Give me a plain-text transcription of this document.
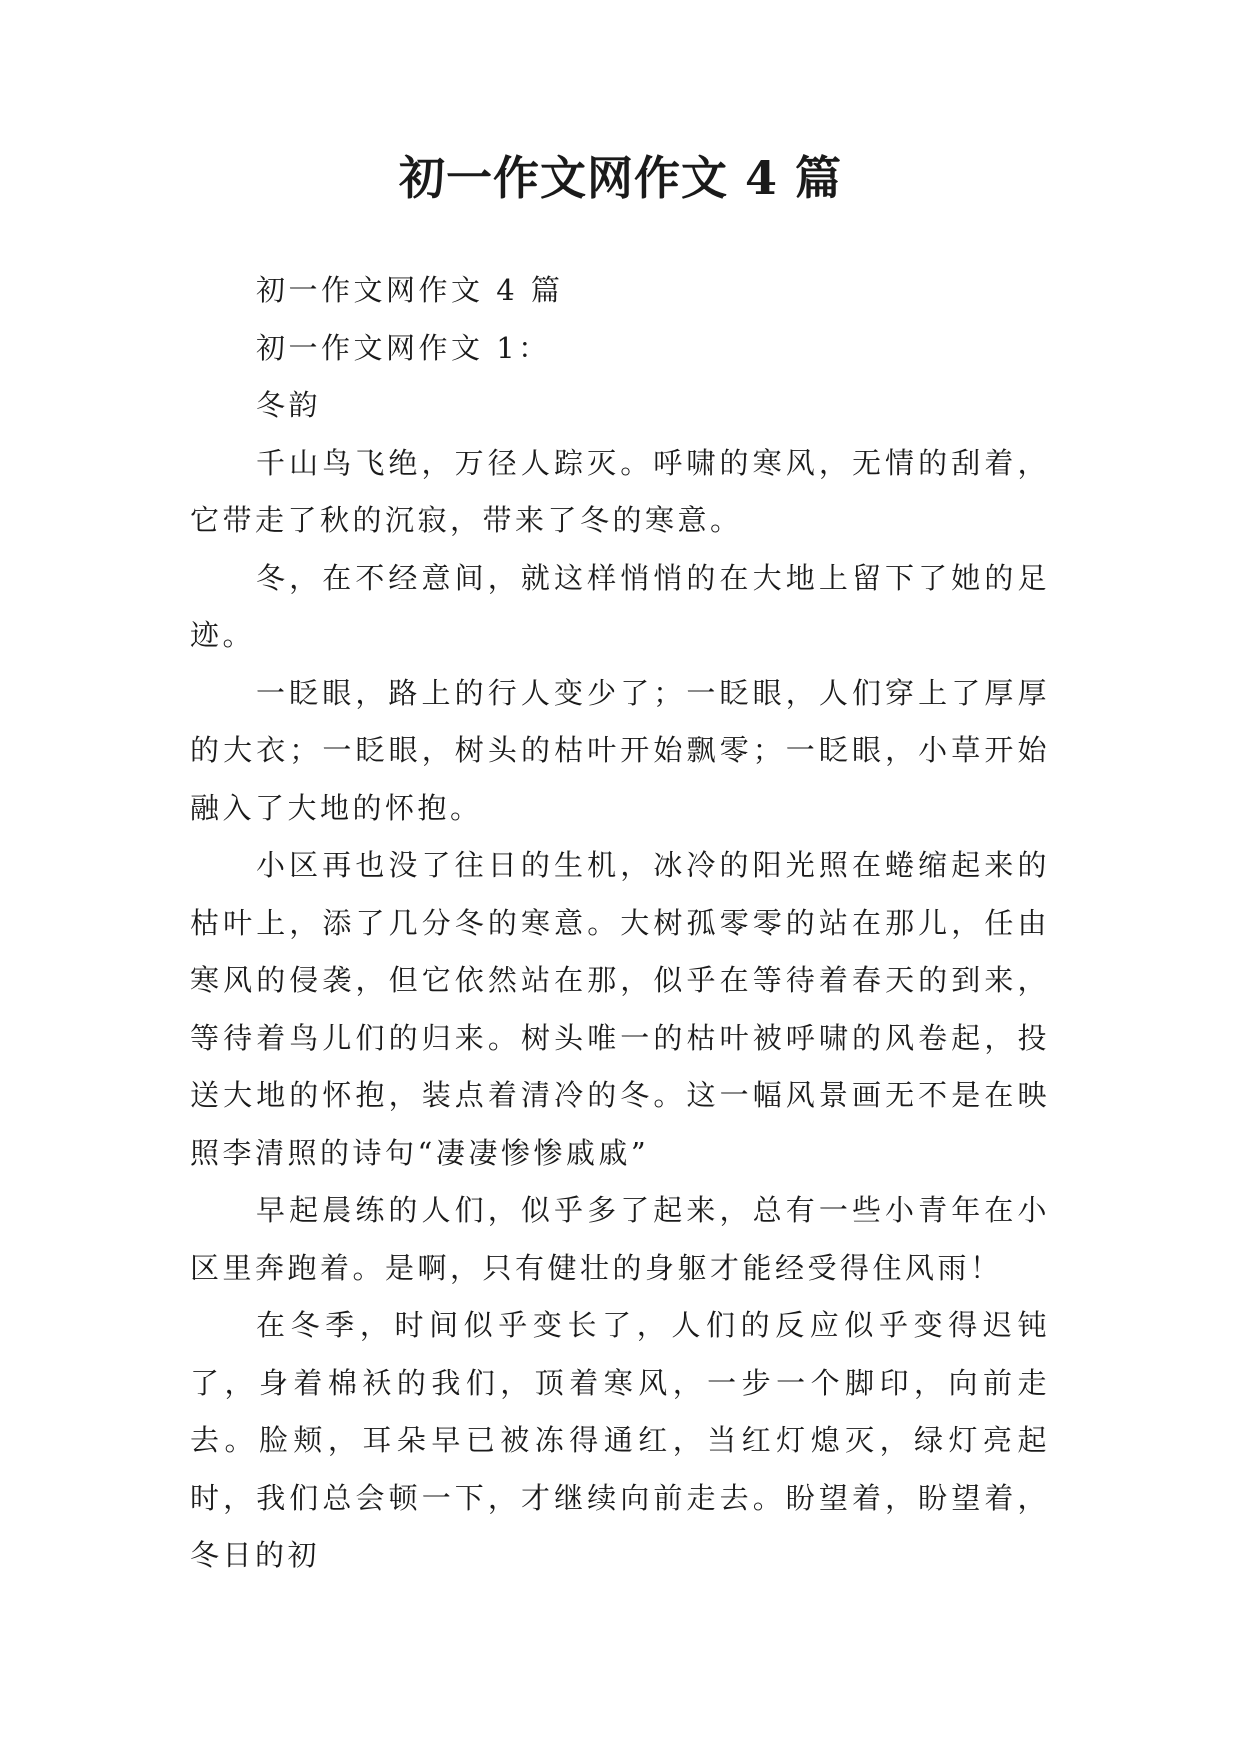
初一作文网作文 4 篇

初一作文网作文 4 篇

初一作文网作文 1：

冬韵

千山鸟飞绝，万径人踪灭。呼啸的寒风，无情的刮着，它带走了秋的沉寂，带来了冬的寒意。

冬，在不经意间，就这样悄悄的在大地上留下了她的足迹。

一眨眼，路上的行人变少了；一眨眼，人们穿上了厚厚的大衣；一眨眼，树头的枯叶开始飘零；一眨眼，小草开始融入了大地的怀抱。

小区再也没了往日的生机，冰冷的阳光照在蜷缩起来的枯叶上，添了几分冬的寒意。大树孤零零的站在那儿，任由寒风的侵袭，但它依然站在那，似乎在等待着春天的到来，等待着鸟儿们的归来。树头唯一的枯叶被呼啸的风卷起，投送大地的怀抱，装点着清冷的冬。这一幅风景画无不是在映照李清照的诗句“凄凄惨惨戚戚”

早起晨练的人们，似乎多了起来，总有一些小青年在小区里奔跑着。是啊，只有健壮的身躯才能经受得住风雨！

在冬季，时间似乎变长了，人们的反应似乎变得迟钝了，身着棉袄的我们，顶着寒风，一步一个脚印，向前走去。脸颊，耳朵早已被冻得通红，当红灯熄灭，绿灯亮起时，我们总会顿一下，才继续向前走去。盼望着，盼望着，冬日的初
